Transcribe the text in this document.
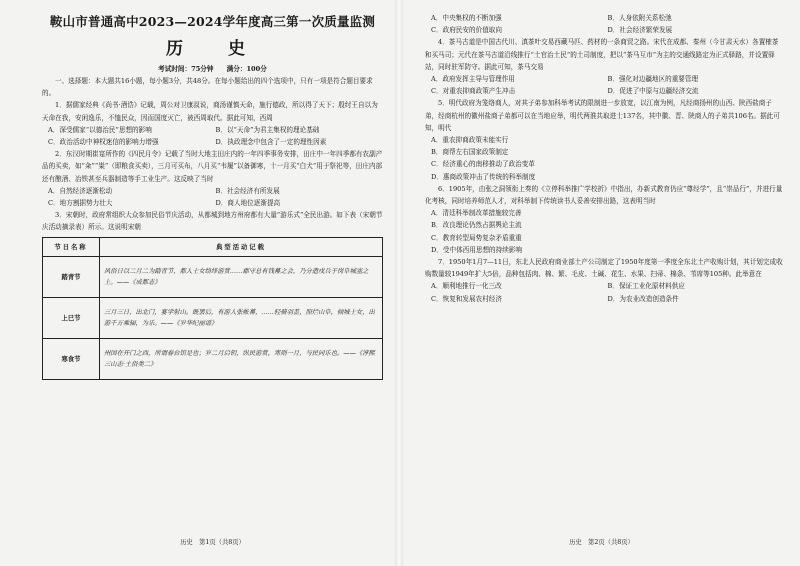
鞍山市普通高中2023—2024学年度高三第一次质量监测
历　史
考试时间：75分钟　　满分：100分
一、选择题：本大题共16小题，每小题3分，共48分。在每小题给出的四个选项中，只有一项是符合题目要求的。
1．据儒家经典《尚书·酒诰》记载，周公对卫康叔说，商汤谨慎天命，施行德政，所以得了天下；殷纣王自以为天命在我，安闲逸乐，不恤民众，因而国度灭亡，被西周取代。据此可知，西周
A．深受儒家“以德治民”思想的影响	B．以“天命”为君主集权的理论基础
C．政治活动中神权迷信的影响力增强	D．执政理念中包含了一定的理性因素
2．东汉时期崔寔所作的《四民月令》记载了当时大地主田庄内的一年四季事务安排，田庄中一年四季都有农副产品的买卖，如“籴”“粜”（即粮食买卖），三月可买布，八月买“韦履”以备御寒，十一月买“白犬”用于祭祀等，田庄内部还有酿酒、冶铁甚至兵器制造等手工业生产。这反映了当时
A．自然经济逐渐松动	B．社会经济有所发展
C．地方割据势力壮大	D．商人地位逐渐提高
3．宋朝时，政府常组织大众参加民俗节庆活动，从都城到地方州府都有大量“游乐式”全民出游。如下表（宋朝节庆活动摘录表）所示。这说明宋朝
节日名称	典型活动记载
踏青节	风俗日以二月二为踏青节，都人士女络绎游赏……郡守总有钱幕之会，乃分遣戍兵于岗阜城塞之上。——《成都志》
上巳节	三月三日，出北门，宴学射山。既罢后，有游人张帐幕，……轻骑羽盖，照烂山阜，倾城士女，出游千万乘辐，为乐。——《岁华纪丽谱》
寒食节	州国在开门之西，所谓春台馆是也；岁二月启钥，纵民游赏，寒则一月，与民同乐也。——《淳熙三山志·土俗类二》
历史　第1页（共8页）
A．中央集权的不断加强	B．人身依附关系松弛
C．政府民安的价值取向	D．社会经济繁荣发展
4．茶马古道是中国古代川、滇茶叶交易西藏马匹、药材的一条商贸之路。宋代在成都、秦州（今甘肃天水）各置榷茶和买马司；元代在茶马古道沿线推行“土官治土民”的土司制度，把以“茶马互市”为主的交通线路定为正式驿路，并设置驿站，同时驻军防守。据此可知，茶马交易
A．政府发挥主导与管理作用	B．强化对边疆地区的重要管理
C．对重农抑商政策产生冲击	D．促进了中原与边疆经济交流
5．明代政府为笼络商人，对其子弟参加科举考试的限制进一步放宽，以江南为例，凡经商扬州的山西、陕西盐商子弟，经商杭州的徽州盐商子弟都可以在当地应举，明代两淮共取进士137名，其中徽、晋、陕商人的子弟共106名。据此可知，明代
A．重农抑商政策未能实行
B．商帮左右国家政策制定
C．经济重心的南移推动了政治变革
D．惠商政策冲击了传统的科举制度
6．1905年，由张之洞领衔上奏的《立停科举推广学校折》中指出，办新式教育仍应“尊经学”，且“崇品行”，并进行量化考核，同时培养师范人才，对科举制下传统读书人妥善安排出路，这表明当时
A．清廷科举制改革措施较完善
B．改良理论仍然占据舆论主流
C．教育转型局势复杂矛盾重重
D．受中体西用思想的持续影响
7．1950年1月7—11日，东北人民政府商业部土产公司制定了1950年度第一季度全东北土产收购计划，其计划完成收购数量较1949年扩大5倍，品种包括肉、棉、繁、毛皮、土碱、花生、水果、扫帚、棉条、苇席等105种。此举意在
A．顺利地推行一化三改	B．保证工业化原材料供应
C．恢复和发展农村经济	D．为农业改造创造条件
历史　第2页（共8页）
